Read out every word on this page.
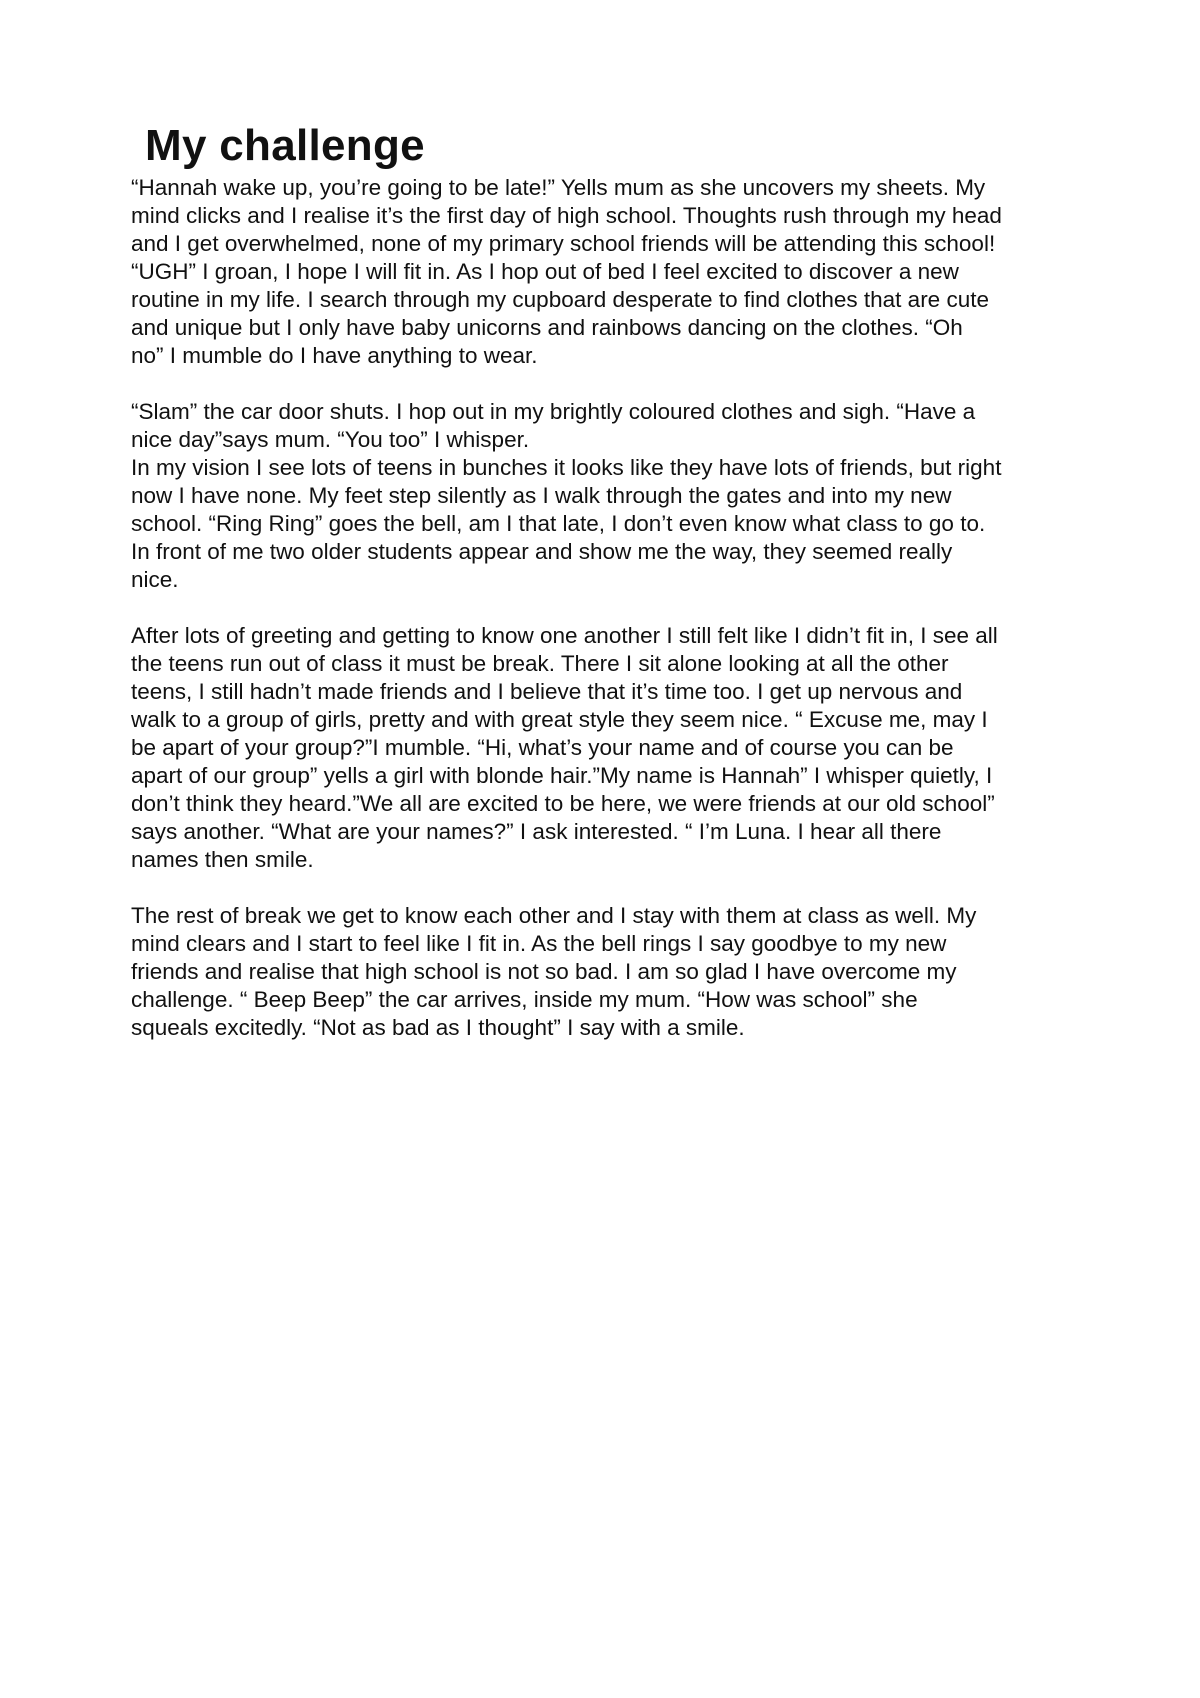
My challenge
“Hannah wake up, you’re going to be late!” Yells mum as she uncovers my sheets. My
mind clicks and I realise it’s the first day of high school. Thoughts rush through my head
and I get overwhelmed, none of my primary school friends will be attending this school!
“UGH” I groan, I hope I will fit in. As I hop out of bed I feel excited to discover a new
routine in my life. I search through my cupboard desperate to find clothes that are cute
and unique but I only have baby unicorns and rainbows dancing on the clothes. “Oh
no” I mumble do I have anything to wear.
“Slam” the car door shuts. I hop out in my brightly coloured clothes and sigh. “Have a
nice day”says mum. “You too” I whisper.
In my vision I see lots of teens in bunches it looks like they have lots of friends, but right
now I have none. My feet step silently as I walk through the gates and into my new
school. “Ring Ring” goes the bell, am I that late, I don’t even know what class to go to.
In front of me two older students appear and show me the way, they seemed really
nice.
After lots of greeting and getting to know one another I still felt like I didn’t fit in, I see all
the teens run out of class it must be break. There I sit alone looking at all the other
teens, I still hadn’t made friends and I believe that it’s time too. I get up nervous and
walk to a group of girls, pretty and with great style they seem nice. “ Excuse me, may I
be apart of your group?”I mumble. “Hi, what’s your name and of course you can be
apart of our group” yells a girl with blonde hair.”My name is Hannah” I whisper quietly, I
don’t think they heard.”We all are excited to be here, we were friends at our old school”
says another. “What are your names?” I ask interested. “ I’m Luna. I hear all there
names then smile.
The rest of break we get to know each other and I stay with them at class as well. My
mind clears and I start to feel like I fit in. As the bell rings I say goodbye to my new
friends and realise that high school is not so bad. I am so glad I have overcome my
challenge. “ Beep Beep” the car arrives, inside my mum. “How was school” she
squeals excitedly. “Not as bad as I thought” I say with a smile.
